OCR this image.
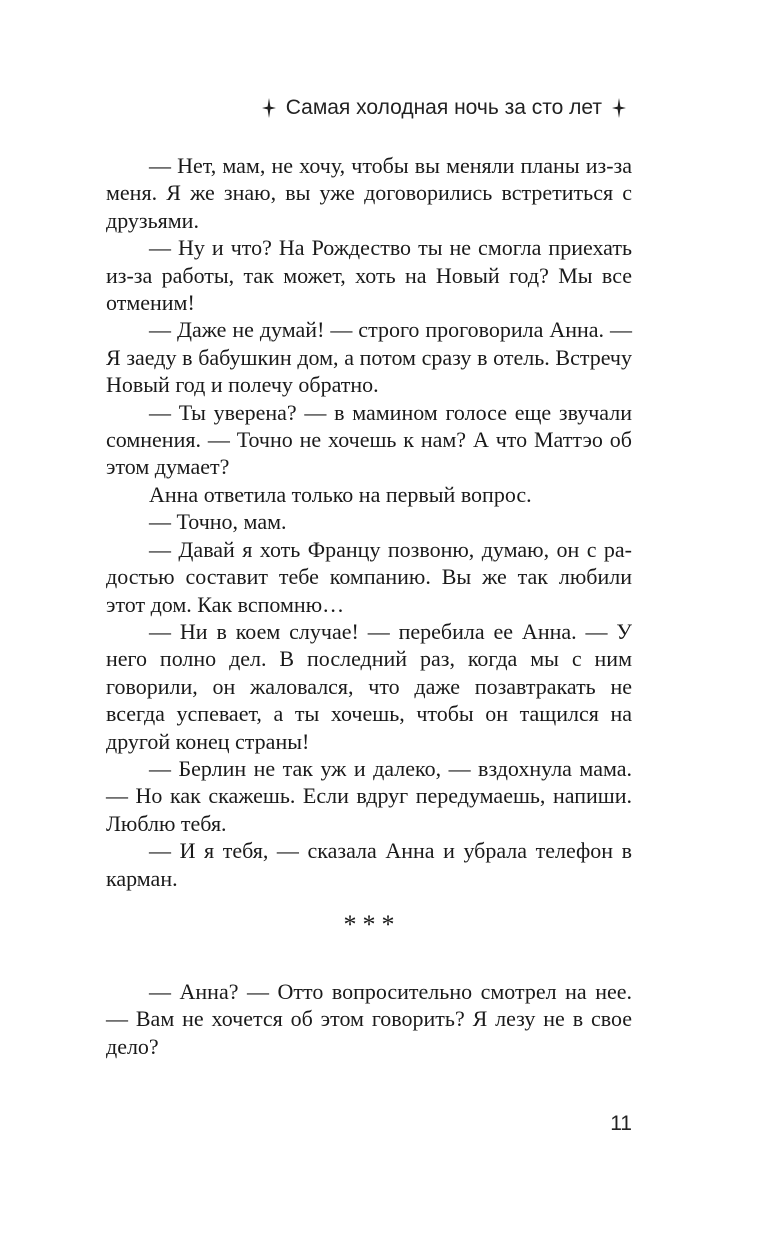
Самая холодная ночь за сто лет

— Нет, мам, не хочу, чтобы вы меняли планы из-за меня. Я же знаю, вы уже договорились встретиться с друзьями.

— Ну и что? На Рождество ты не смогла приехать из-за работы, так может, хоть на Новый год? Мы все отменим!

— Даже не думай! — строго проговорила Анна. — Я заеду в бабушкин дом, а потом сразу в отель. Встречу Новый год и полечу обратно.

— Ты уверена? — в мамином голосе еще звучали сомнения. — Точно не хочешь к нам? А что Маттэо об этом думает?

Анна ответила только на первый вопрос.

— Точно, мам.

— Давай я хоть Францу позвоню, думаю, он с радостью составит тебе компанию. Вы же так любили этот дом. Как вспомню…

— Ни в коем случае! — перебила ее Анна. — У него полно дел. В последний раз, когда мы с ним говорили, он жаловался, что даже позавтракать не всегда успевает, а ты хочешь, чтобы он тащился на другой конец страны!

— Берлин не так уж и далеко, — вздохнула мама. — Но как скажешь. Если вдруг передумаешь, напиши. Люблю тебя.

— И я тебя, — сказала Анна и убрала телефон в карман.

***

— Анна? — Отто вопросительно смотрел на нее. — Вам не хочется об этом говорить? Я лезу не в свое дело?

11
